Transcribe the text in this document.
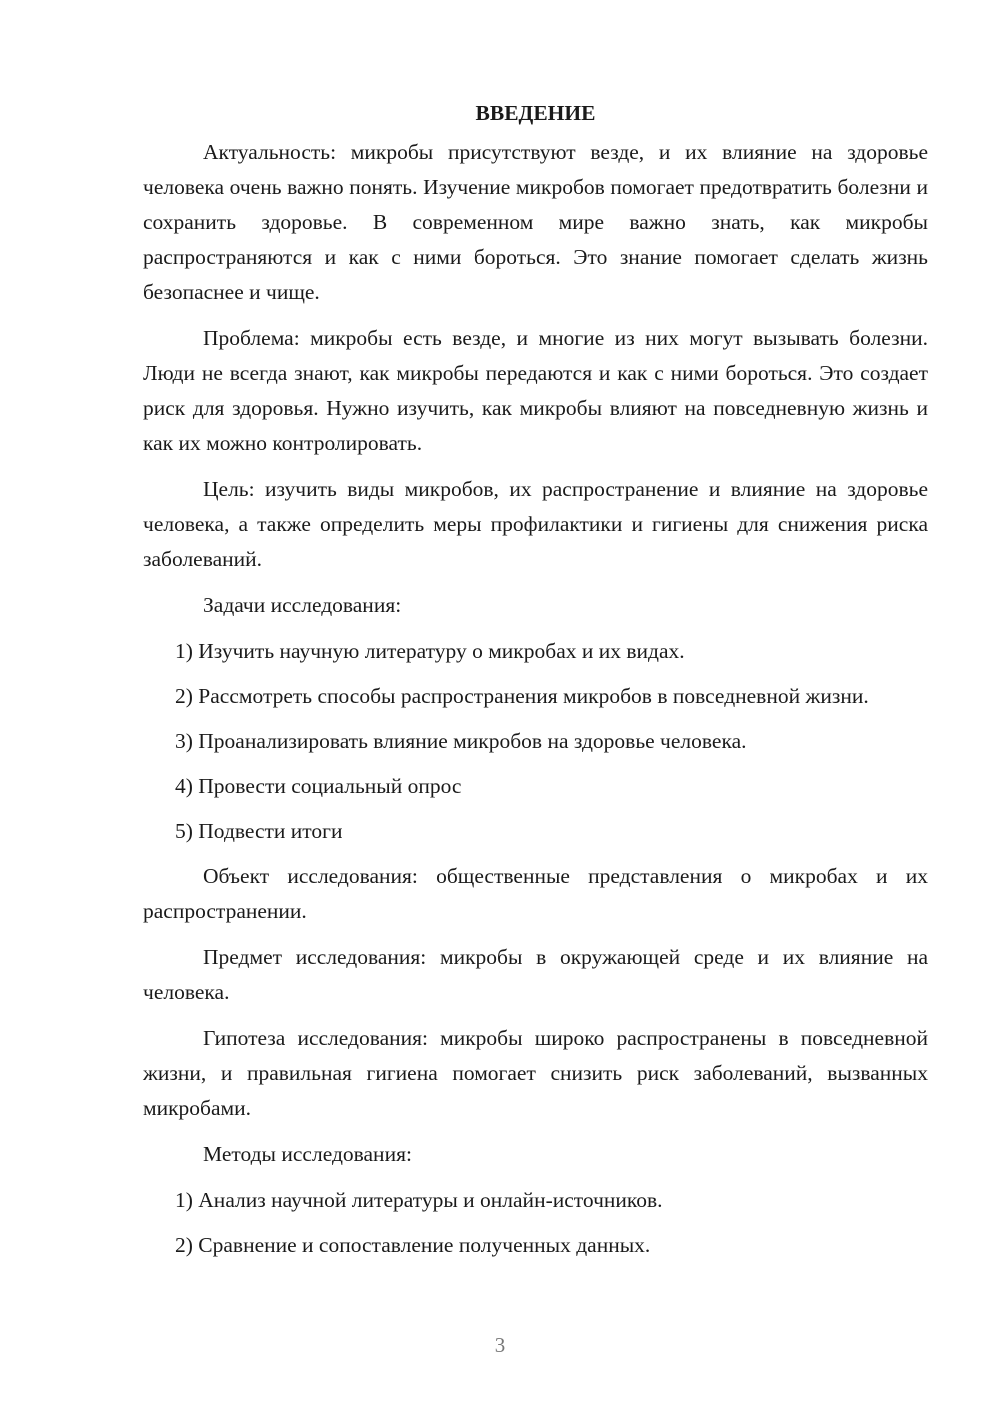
ВВЕДЕНИЕ

Актуальность: микробы присутствуют везде, и их влияние на здоровье человека очень важно понять. Изучение микробов помогает предотвратить болезни и сохранить здоровье. В современном мире важно знать, как микробы распространяются и как с ними бороться. Это знание помогает сделать жизнь безопаснее и чище.

Проблема: микробы есть везде, и многие из них могут вызывать болезни. Люди не всегда знают, как микробы передаются и как с ними бороться. Это создает риск для здоровья. Нужно изучить, как микробы влияют на повседневную жизнь и как их можно контролировать.

Цель: изучить виды микробов, их распространение и влияние на здоровье человека, а также определить меры профилактики и гигиены для снижения риска заболеваний.

Задачи исследования:

1) Изучить научную литературу о микробах и их видах.

2) Рассмотреть способы распространения микробов в повседневной жизни.

3) Проанализировать влияние микробов на здоровье человека.

4) Провести социальный опрос

5) Подвести итоги

Объект исследования: общественные представления о микробах и их распространении.

Предмет исследования: микробы в окружающей среде и их влияние на человека.

Гипотеза исследования: микробы широко распространены в повседневной жизни, и правильная гигиена помогает снизить риск заболеваний, вызванных микробами.

Методы исследования:

1) Анализ научной литературы и онлайн-источников.

2) Сравнение и сопоставление полученных данных.

3
